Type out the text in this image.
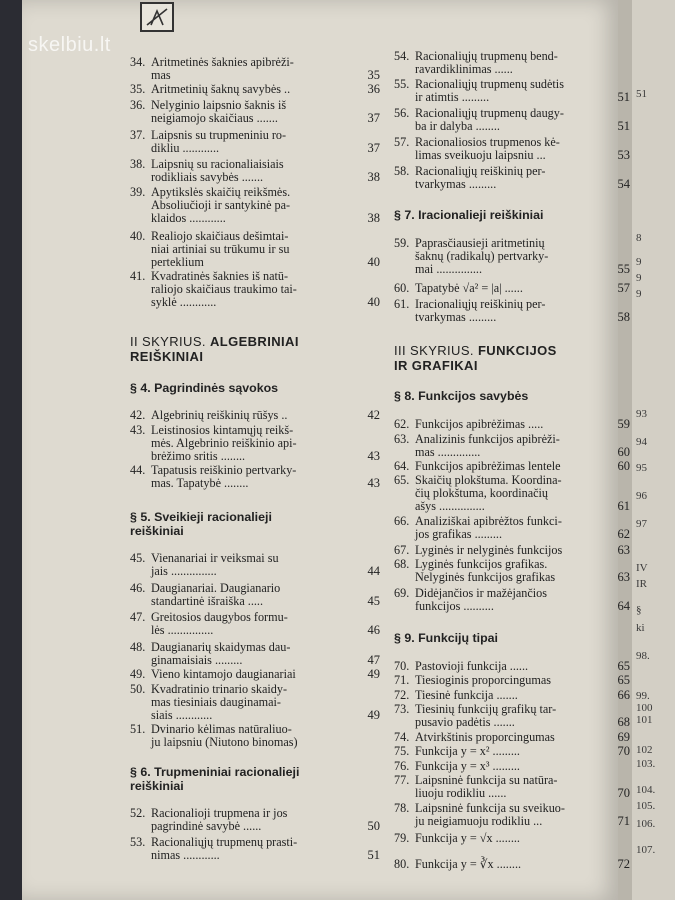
51
8
9
9
9
93
94
95
96
97
IV
IR
§
ki
98.
99.
100
101
102
103.
104.
105.
106.
107.
skelbiu.lt
34. Aritmetinės šaknies apibrėži-
mas	35
35. Aritmetinių šaknų savybės ..	36
36. Nelyginio laipsnio šaknis iš
neigiamojo skaičiaus .......	37
37. Laipsnis su trupmeniniu ro-
dikliu ............	37
38. Laipsnių su racionaliaisiais
rodikliais savybės .......	38
39. Apytikslės skaičių reikšmės.
Absoliučioji ir santykinė pa-
klaidos ............	38
40. Realiojo skaičiaus dešimtai-
niai artiniai su trūkumu ir su
perteklium	40
41. Kvadratinės šaknies iš natū-
raliojo skaičiaus traukimo tai-
syklė ............	40
II SKYRIUS. ALGEBRINIAI
REIŠKINIAI
§ 4. Pagrindinės sąvokos
42. Algebrinių reiškinių rūšys ..	42
43. Leistinosios kintamųjų reikš-
mės. Algebrinio reiškinio api-
brėžimo sritis ........	43
44. Tapatusis reiškinio pertvarky-
mas. Tapatybė ........	43
§ 5. Sveikieji racionalieji
reiškiniai
45. Vienanariai ir veiksmai su
jais ...............	44
46. Daugianariai. Daugianario
standartinė išraiška .....	45
47. Greitosios daugybos formu-
lės ...............	46
48. Daugianarių skaidymas dau-
ginamaisiais .........	47
49. Vieno kintamojo daugianariai	49
50. Kvadratinio trinario skaidy-
mas tiesiniais dauginamai-
siais ............	49
51. Dvinario kėlimas natūraliuo-
ju laipsniu (Niutono binomas)
§ 6. Trupmeniniai racionalieji
reiškiniai
52. Racionalioji trupmena ir jos
pagrindinė savybė ......	50
53. Racionaliųjų trupmenų prasti-
nimas ............	51
54. Racionaliųjų trupmenų bend-
ravardiklinimas ......
55. Racionaliųjų trupmenų sudėtis
ir atimtis .........	51
56. Racionaliųjų trupmenų daugy-
ba ir dalyba ........	51
57. Racionaliosios trupmenos kė-
limas sveikuoju laipsniu ...	53
58. Racionaliųjų reiškinių per-
tvarkymas .........	54
§ 7. Iracionalieji reiškiniai
59. Paprasčiausieji aritmetinių
šaknų (radikalų) pertvarky-
mai ...............	55
60. Tapatybė √a² = |a| ......	57
61. Iracionaliųjų reiškinių per-
tvarkymas .........	58
III SKYRIUS. FUNKCIJOS
IR GRAFIKAI
§ 8. Funkcijos savybės
62. Funkcijos apibrėžimas .....	59
63. Analizinis funkcijos apibrėži-
mas ..............	60
64. Funkcijos apibrėžimas lentele	60
65. Skaičių plokštuma. Koordina-
čių plokštuma, koordinačių
ašys ...............	61
66. Analiziškai apibrėžtos funkci-
jos grafikas .........	62
67. Lyginės ir nelyginės funkcijos	63
68. Lyginės funkcijos grafikas.
Nelyginės funkcijos grafikas	63
69. Didėjančios ir mažėjančios
funkcijos ..........	64
§ 9. Funkcijų tipai
70. Pastovioji funkcija ......	65
71. Tiesioginis proporcingumas	65
72. Tiesinė funkcija .......	66
73. Tiesinių funkcijų grafikų tar-
pusavio padėtis .......	68
74. Atvirkštinis proporcingumas	69
75. Funkcija y = x² .........	70
76. Funkcija y = x³ .........
77. Laipsninė funkcija su natūra-
liuoju rodikliu ......	70
78. Laipsninė funkcija su sveikuo-
ju neigiamuoju rodikliu ...	71
79. Funkcija y = √x ........
80. Funkcija y = ∛x ........	72
